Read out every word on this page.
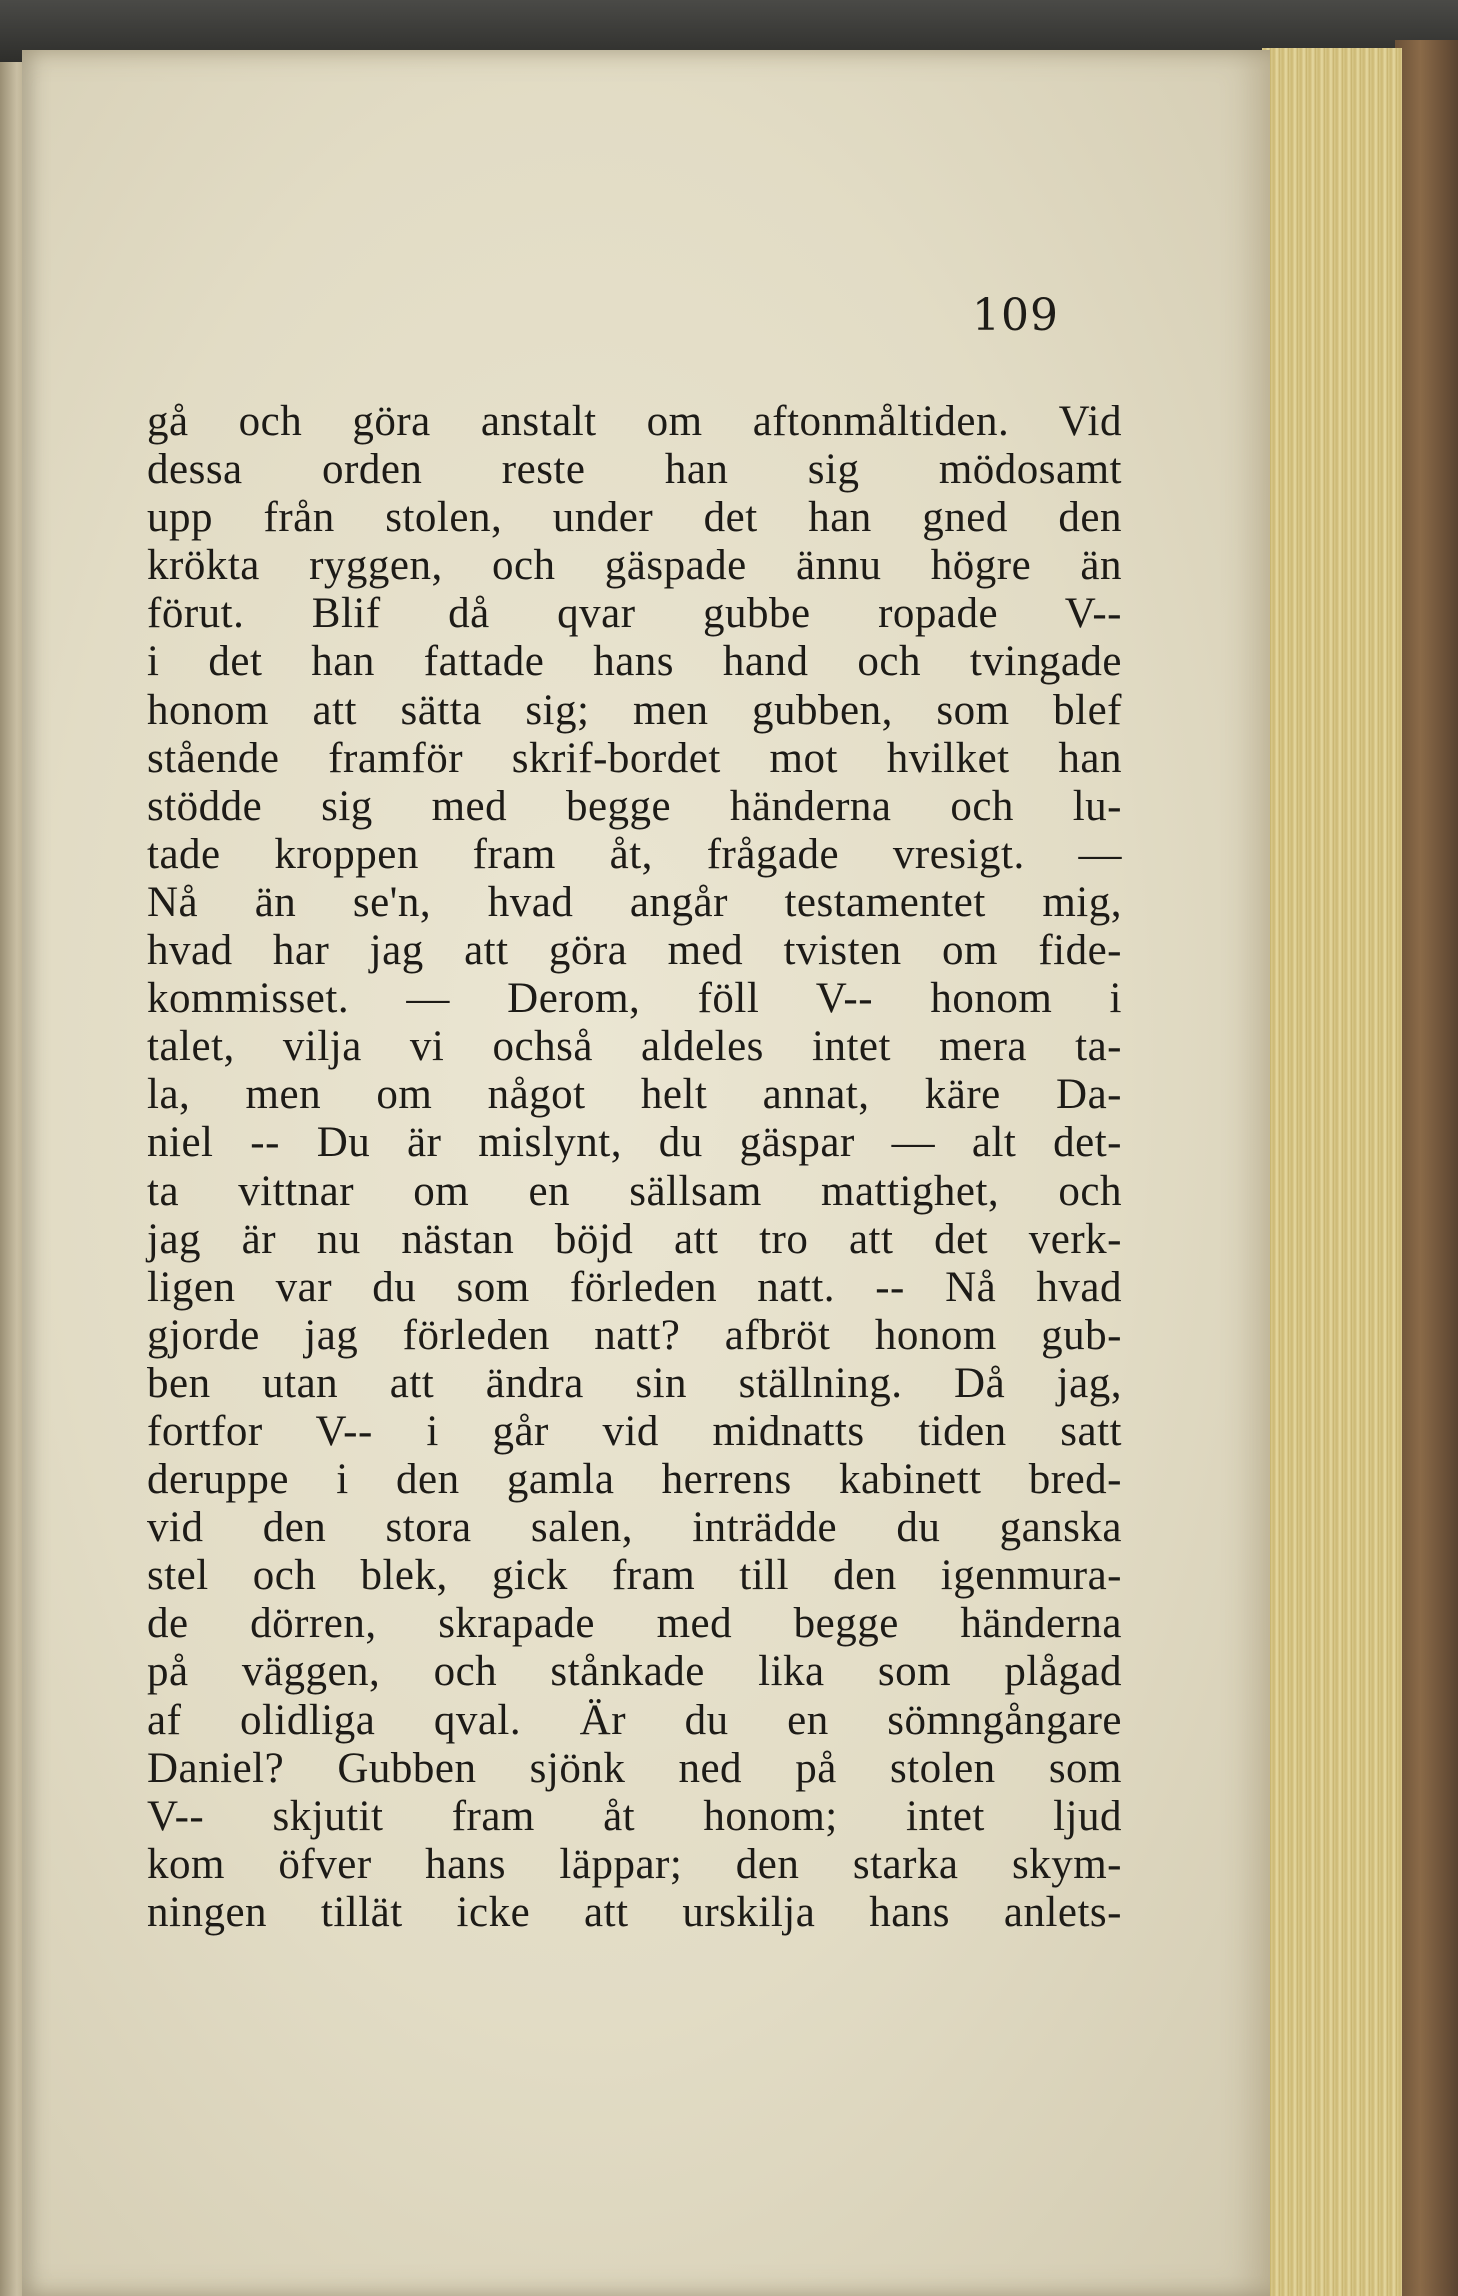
109
gå och göra anstalt om aftonmåltiden. Vid
dessa orden reste han sig mödosamt
upp från stolen, under det han gned den
krökta ryggen, och gäspade ännu högre än
förut. Blif då qvar gubbe ropade V--
i det han fattade hans hand och tvingade
honom att sätta sig; men gubben, som blef
stående framför skrif-bordet mot hvilket han
stödde sig med begge händerna och lu-
tade kroppen fram åt, frågade vresigt. —
Nå än se'n, hvad angår testamentet mig,
hvad har jag att göra med tvisten om fide-
kommisset. — Derom, föll V-- honom i
talet, vilja vi ochså aldeles intet mera ta-
la, men om något helt annat, käre Da-
niel -- Du är mislynt, du gäspar — alt det-
ta vittnar om en sällsam mattighet, och
jag är nu nästan böjd att tro att det verk-
ligen var du som förleden natt. -- Nå hvad
gjorde jag förleden natt? afbröt honom gub-
ben utan att ändra sin ställning. Då jag,
fortfor V-- i går vid midnatts tiden satt
deruppe i den gamla herrens kabinett bred-
vid den stora salen, inträdde du ganska
stel och blek, gick fram till den igenmura-
de dörren, skrapade med begge händerna
på väggen, och stånkade lika som plågad
af olidliga qval. Är du en sömngångare
Daniel? Gubben sjönk ned på stolen som
V-- skjutit fram åt honom; intet ljud
kom öfver hans läppar; den starka skym-
ningen tillät icke att urskilja hans anlets-
